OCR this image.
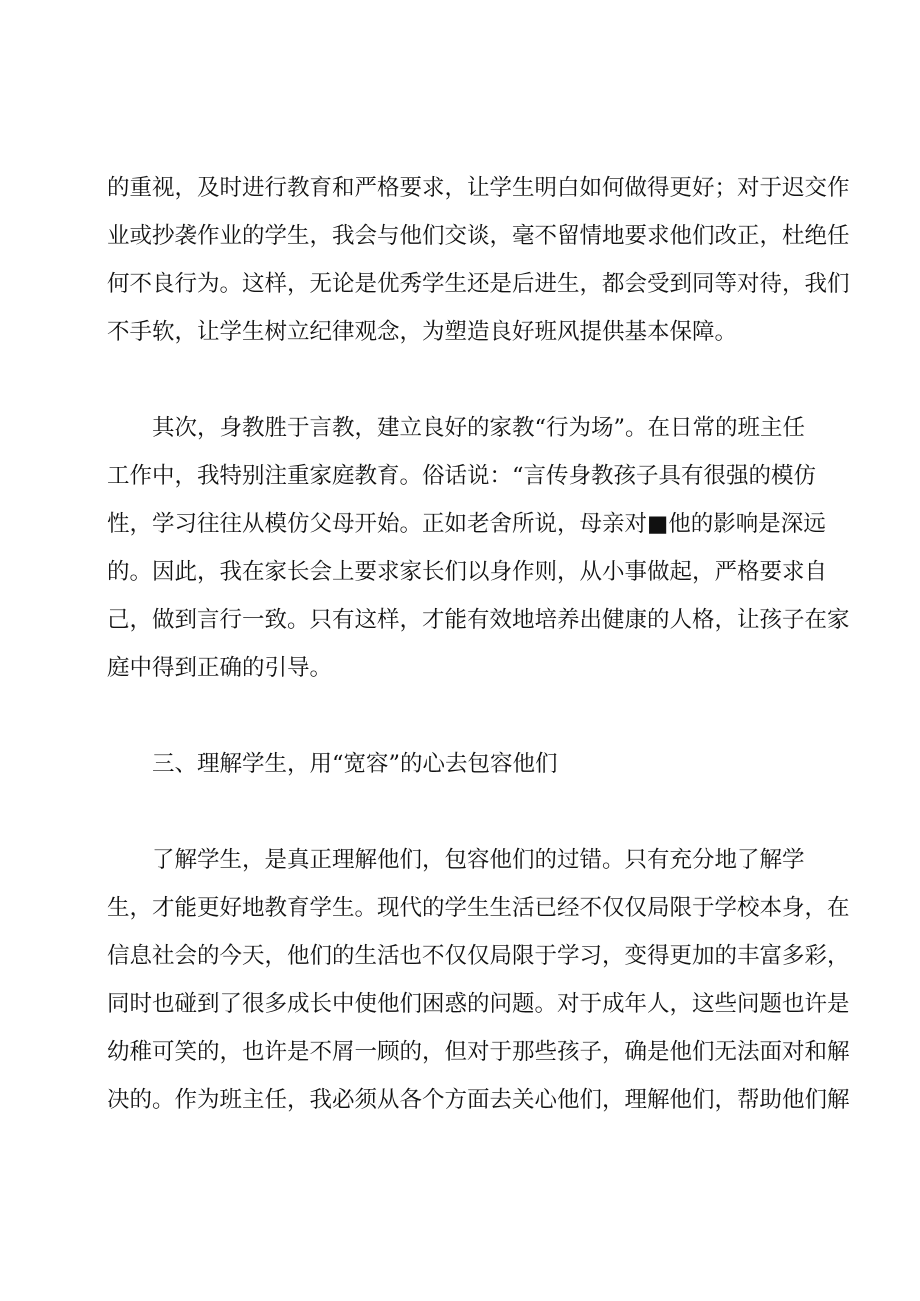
的重视，及时进行教育和严格要求，让学生明白如何做得更好；对于迟交作
业或抄袭作业的学生，我会与他们交谈，毫不留情地要求他们改正，杜绝任
何不良行为。这样，无论是优秀学生还是后进生，都会受到同等对待，我们
不手软，让学生树立纪律观念，为塑造良好班风提供基本保障。
其次，身教胜于言教，建立良好的家教“行为场”。在日常的班主任
工作中，我特别注重家庭教育。俗话说：“言传身教孩子具有很强的模仿
性，学习往往从模仿父母开始。正如老舍所说，母亲对■他的影响是深远
的。因此，我在家长会上要求家长们以身作则，从小事做起，严格要求自
己，做到言行一致。只有这样，才能有效地培养出健康的人格，让孩子在家
庭中得到正确的引导。
三、理解学生，用“宽容”的心去包容他们
了解学生，是真正理解他们，包容他们的过错。只有充分地了解学
生，才能更好地教育学生。现代的学生生活已经不仅仅局限于学校本身，在
信息社会的今天，他们的生活也不仅仅局限于学习，变得更加的丰富多彩，
同时也碰到了很多成长中使他们困惑的问题。对于成年人，这些问题也许是
幼稚可笑的，也许是不屑一顾的，但对于那些孩子，确是他们无法面对和解
决的。作为班主任，我必须从各个方面去关心他们，理解他们，帮助他们解
